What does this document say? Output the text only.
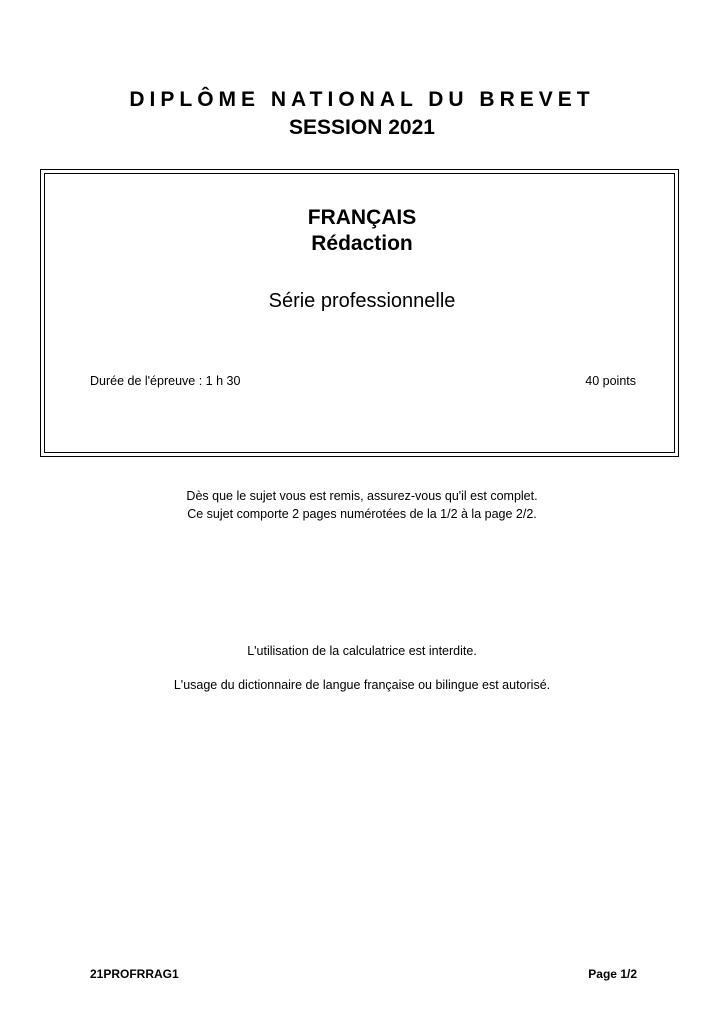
DIPLÔME NATIONAL DU BREVET
SESSION 2021
FRANÇAIS
Rédaction
Série professionnelle
Durée de l'épreuve : 1 h 30	40 points
Dès que le sujet vous est remis, assurez-vous qu'il est complet.
Ce sujet comporte 2 pages numérotées de la 1/2 à la page 2/2.
L'utilisation de la calculatrice est interdite.
L'usage du dictionnaire de langue française ou bilingue est autorisé.
21PROFRRAG1	Page 1/2
